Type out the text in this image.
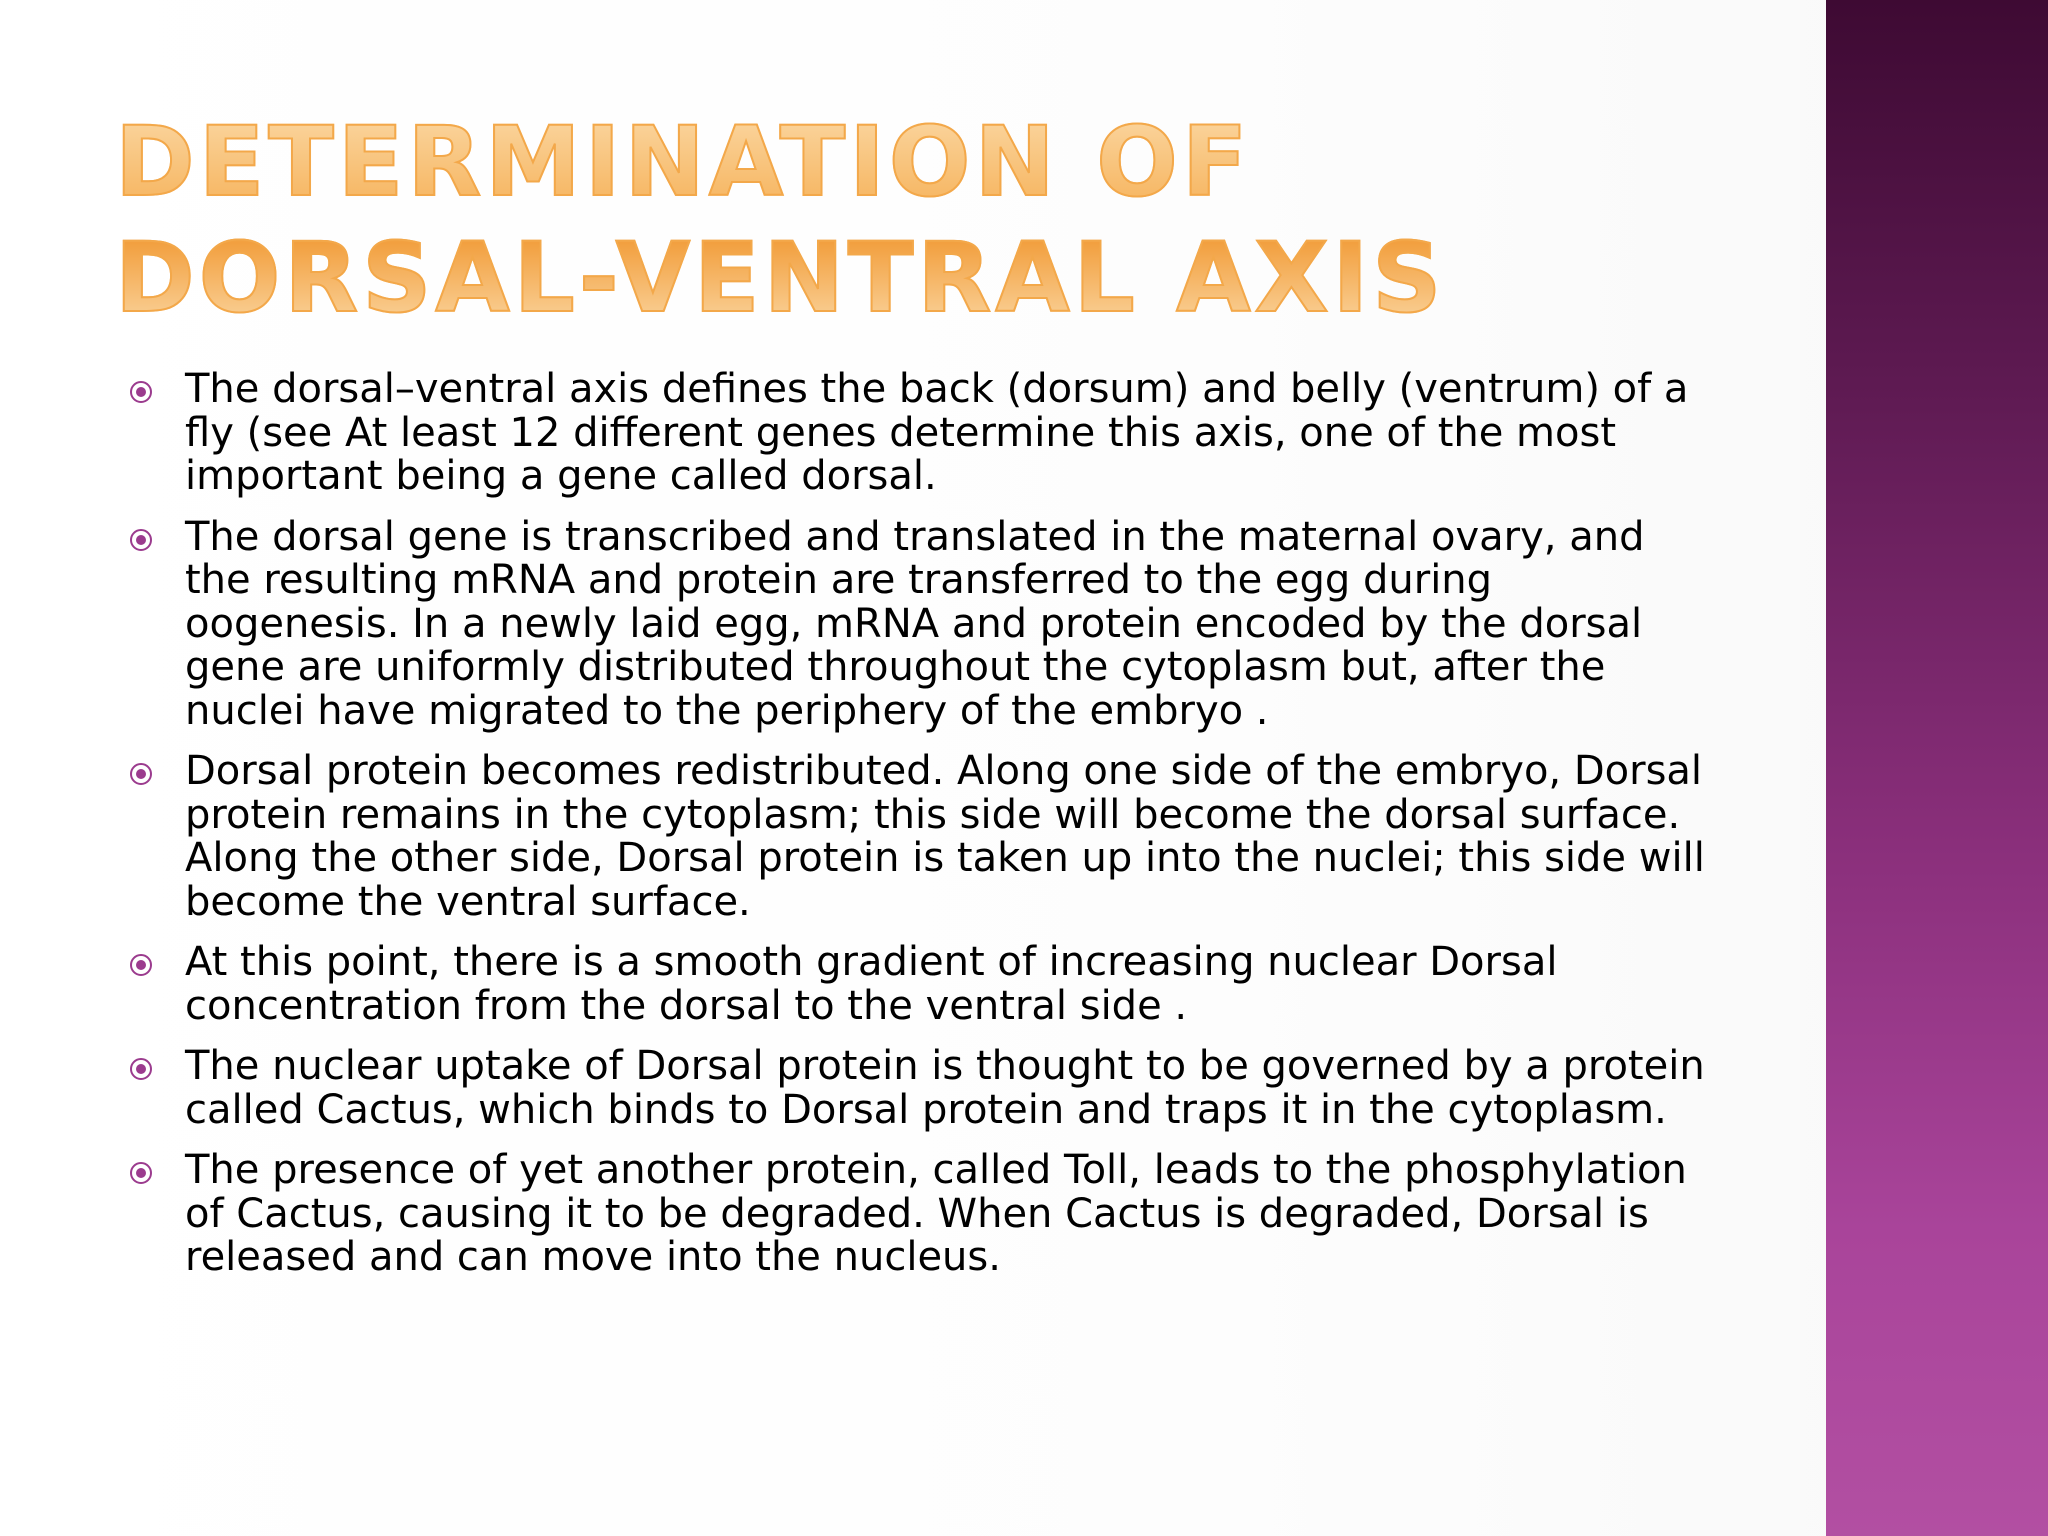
DETERMINATION OF DORSAL-VENTRAL AXIS
The dorsal–ventral axis defines the back (dorsum) and belly (ventrum) of a fly (see At least 12 different genes determine this axis, one of the most important being a gene called dorsal.
The dorsal gene is transcribed and translated in the maternal ovary, and the resulting mRNA and protein are transferred to the egg during oogenesis. In a newly laid egg, mRNA and protein encoded by the dorsal gene are uniformly distributed throughout the cytoplasm but, after the nuclei have migrated to the periphery of the embryo .
Dorsal protein becomes redistributed. Along one side of the embryo, Dorsal protein remains in the cytoplasm; this side will become the dorsal surface. Along the other side, Dorsal protein is taken up into the nuclei; this side will become the ventral surface.
At this point, there is a smooth gradient of increasing nuclear Dorsal concentration from the dorsal to the ventral side .
The nuclear uptake of Dorsal protein is thought to be governed by a protein called Cactus, which binds to Dorsal protein and traps it in the cytoplasm.
The presence of yet another protein, called Toll, leads to the phosphylation of Cactus, causing it to be degraded. When Cactus is degraded, Dorsal is released and can move into the nucleus.
